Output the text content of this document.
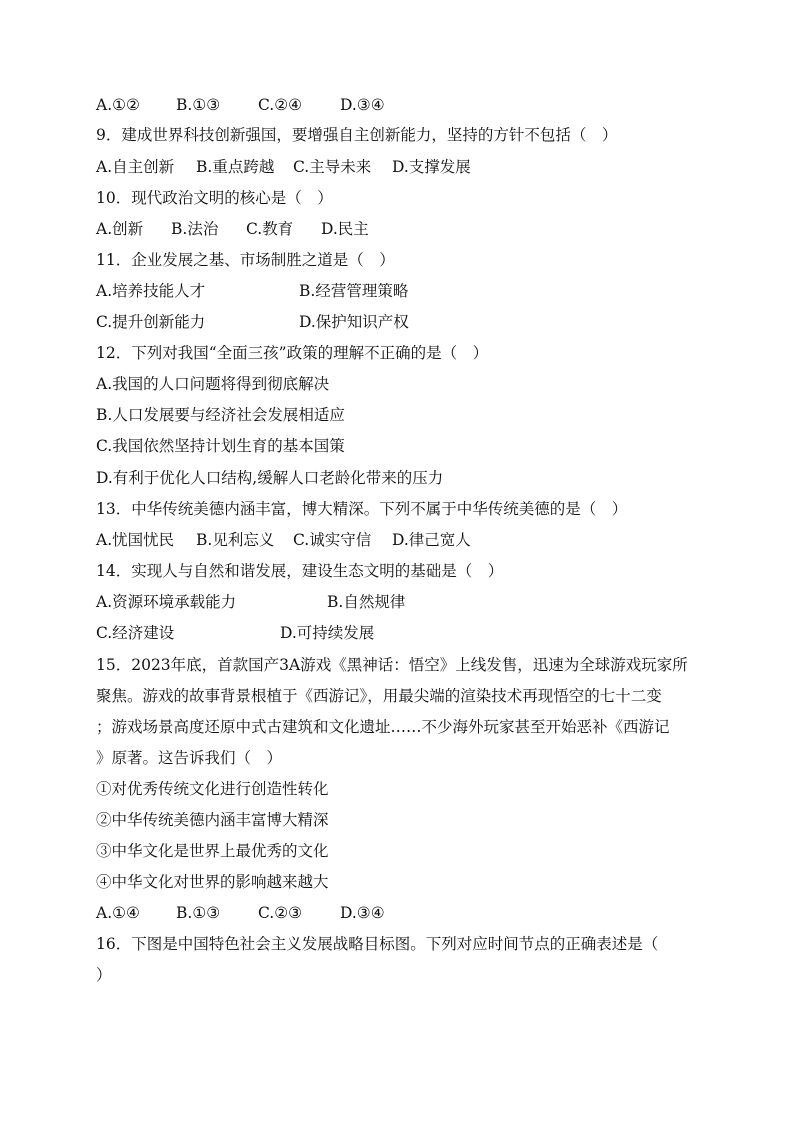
A.①② B.①③ C.②④ D.③④
9．建成世界科技创新强国，要增强自主创新能力，坚持的方针不包括（　）
A.自主创新 B.重点跨越 C.主导未来 D.支撑发展
10．现代政治文明的核心是（　）
A.创新 B.法治 C.教育 D.民主
11．企业发展之基、市场制胜之道是（　）
A.培养技能人才	B.经营管理策略
C.提升创新能力	D.保护知识产权
12．下列对我国“全面三孩”政策的理解不正确的是（　）
A.我国的人口问题将得到彻底解决
B.人口发展要与经济社会发展相适应
C.我国依然坚持计划生育的基本国策
D.有利于优化人口结构,缓解人口老龄化带来的压力
13．中华传统美德内涵丰富，博大精深。下列不属于中华传统美德的是（　）
A.忧国忧民 B.见利忘义 C.诚实守信 D.律己宽人
14．实现人与自然和谐发展，建设生态文明的基础是（　）
A.资源环境承载能力	B.自然规律
C.经济建设	D.可持续发展
15．2023年底，首款国产3A游戏《黑神话：悟空》上线发售，迅速为全球游戏玩家所
聚焦。游戏的故事背景根植于《西游记》，用最尖端的渲染技术再现悟空的七十二变
；游戏场景高度还原中式古建筑和文化遗址……不少海外玩家甚至开始恶补《西游记
》原著。这告诉我们（　）
①对优秀传统文化进行创造性转化
②中华传统美德内涵丰富博大精深
③中华文化是世界上最优秀的文化
④中华文化对世界的影响越来越大
A.①④ B.①③ C.②③ D.③④
16．下图是中国特色社会主义发展战略目标图。下列对应时间节点的正确表述是（
）
